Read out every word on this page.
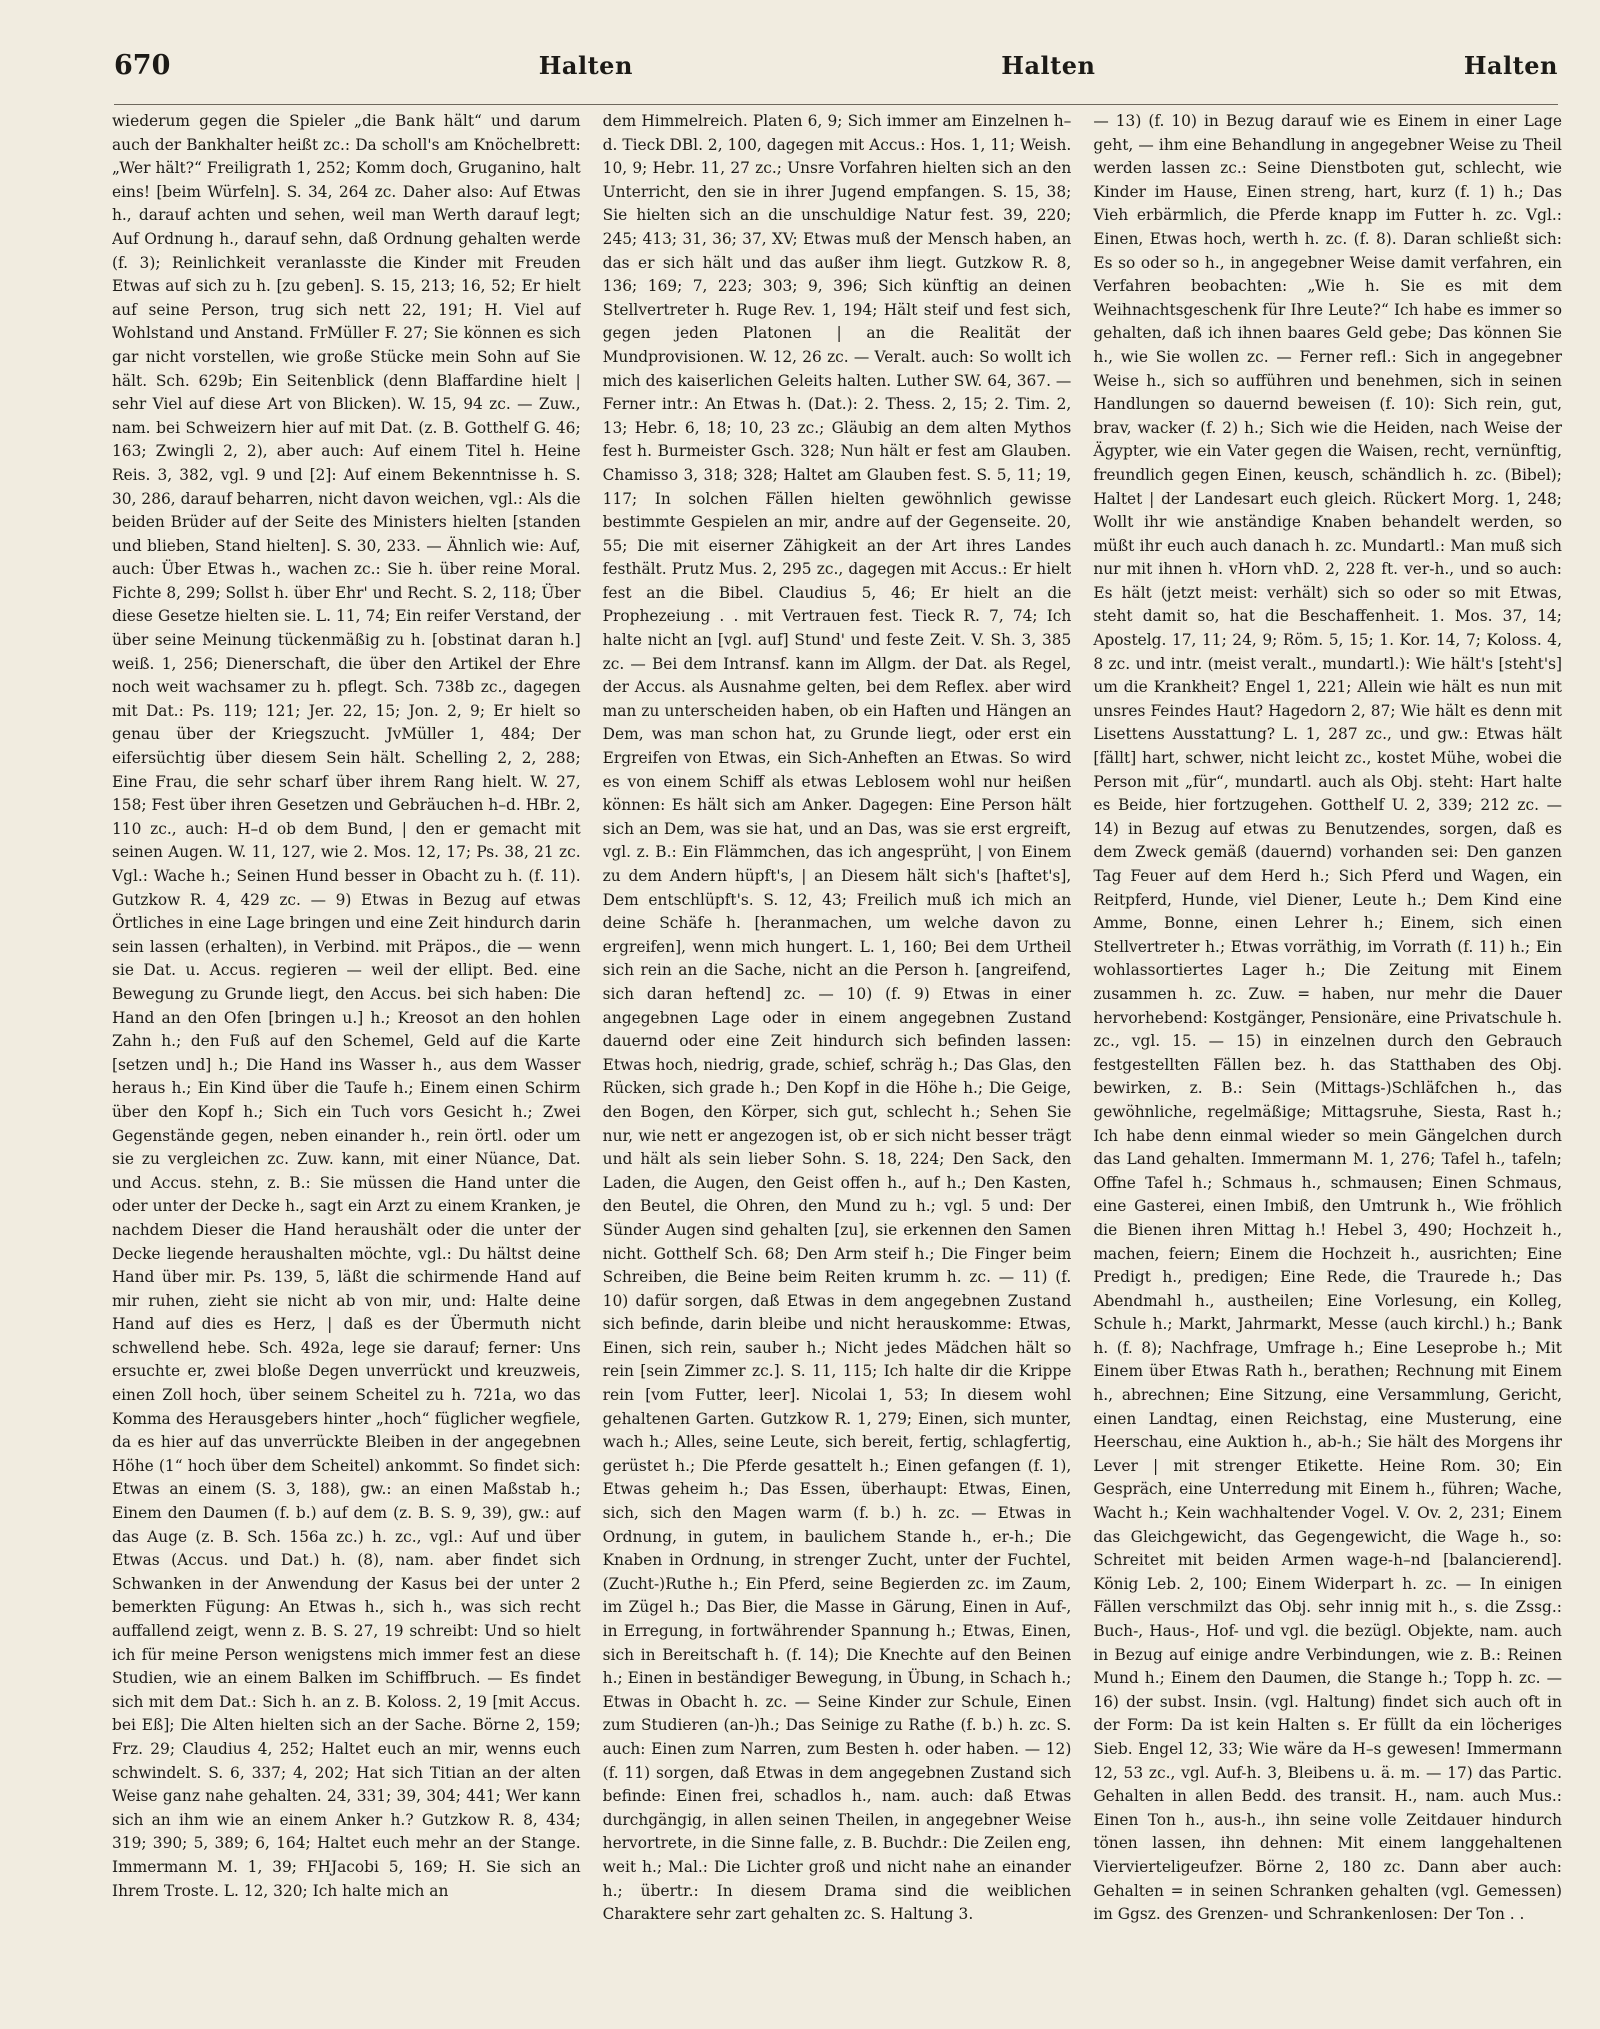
670	Halten	Halten	Halten

wiederum gegen die Spieler „die Bank hält“ und darum auch der Bankhalter heißt zc.: Da scholl's am Knöchelbrett: „Wer hält?“ Freiligrath 1, 252; Komm doch, Gruganino, halt eins! [beim Würfeln]. S. 34, 264 zc. Daher also: Auf Etwas h., darauf achten und sehen, weil man Werth darauf legt; Auf Ordnung h., darauf sehn, daß Ordnung gehalten werde (f. 3); Reinlichkeit veranlasste die Kinder mit Freuden Etwas auf sich zu h. [zu geben]. S. 15, 213; 16, 52; Er hielt auf seine Person, trug sich nett 22, 191; H. Viel auf Wohlstand und Anstand. FrMüller F. 27; Sie können es sich gar nicht vorstellen, wie große Stücke mein Sohn auf Sie hält. Sch. 629b; Ein Seitenblick (denn Blaffardine hielt | sehr Viel auf diese Art von Blicken). W. 15, 94 zc. — Zuw., nam. bei Schweizern hier auf mit Dat. (z. B. Gotthelf G. 46; 163; Zwingli 2, 2), aber auch: Auf einem Titel h. Heine Reis. 3, 382, vgl. 9 und [2]: Auf einem Bekenntnisse h. S. 30, 286, darauf beharren, nicht davon weichen, vgl.: Als die beiden Brüder auf der Seite des Ministers hielten [standen und blieben, Stand hielten]. S. 30, 233. — Ähnlich wie: Auf, auch: Über Etwas h., wachen zc.: Sie h. über reine Moral. Fichte 8, 299; Sollst h. über Ehr' und Recht. S. 2, 118; Über diese Gesetze hielten sie. L. 11, 74; Ein reifer Verstand, der über seine Meinung tückenmäßig zu h. [obstinat daran h.] weiß. 1, 256; Dienerschaft, die über den Artikel der Ehre noch weit wachsamer zu h. pflegt. Sch. 738b zc., dagegen mit Dat.: Ps. 119; 121; Jer. 22, 15; Jon. 2, 9; Er hielt so genau über der Kriegszucht. JvMüller 1, 484; Der eifersüchtig über diesem Sein hält. Schelling 2, 2, 288; Eine Frau, die sehr scharf über ihrem Rang hielt. W. 27, 158; Fest über ihren Gesetzen und Gebräuchen h–d. HBr. 2, 110 zc., auch: H–d ob dem Bund, | den er gemacht mit seinen Augen. W. 11, 127, wie 2. Mos. 12, 17; Ps. 38, 21 zc. Vgl.: Wache h.; Seinen Hund besser in Obacht zu h. (f. 11). Gutzkow R. 4, 429 zc. — 9) Etwas in Bezug auf etwas Örtliches in eine Lage bringen und eine Zeit hindurch darin sein lassen (erhalten), in Verbind. mit Präpos., die — wenn sie Dat. u. Accus. regieren — weil der ellipt. Bed. eine Bewegung zu Grunde liegt, den Accus. bei sich haben: Die Hand an den Ofen [bringen u.] h.; Kreosot an den hohlen Zahn h.; den Fuß auf den Schemel, Geld auf die Karte [setzen und] h.; Die Hand ins Wasser h., aus dem Wasser heraus h.; Ein Kind über die Taufe h.; Einem einen Schirm über den Kopf h.; Sich ein Tuch vors Gesicht h.; Zwei Gegenstände gegen, neben einander h., rein örtl. oder um sie zu vergleichen zc. Zuw. kann, mit einer Nüance, Dat. und Accus. stehn, z. B.: Sie müssen die Hand unter die oder unter der Decke h., sagt ein Arzt zu einem Kranken, je nachdem Dieser die Hand heraushält oder die unter der Decke liegende heraushalten möchte, vgl.: Du hältst deine Hand über mir. Ps. 139, 5, läßt die schirmende Hand auf mir ruhen, zieht sie nicht ab von mir, und: Halte deine Hand auf dies es Herz, | daß es der Übermuth nicht schwellend hebe. Sch. 492a, lege sie darauf; ferner: Uns ersuchte er, zwei bloße Degen unverrückt und kreuzweis, einen Zoll hoch, über seinem Scheitel zu h. 721a, wo das Komma des Herausgebers hinter „hoch“ füglicher wegfiele, da es hier auf das unverrückte Bleiben in der angegebnen Höhe (1“ hoch über dem Scheitel) ankommt. So findet sich: Etwas an einem (S. 3, 188), gw.: an einen Maßstab h.; Einem den Daumen (f. b.) auf dem (z. B. S. 9, 39), gw.: auf das Auge (z. B. Sch. 156a zc.) h. zc., vgl.: Auf und über Etwas (Accus. und Dat.) h. (8), nam. aber findet sich Schwanken in der Anwendung der Kasus bei der unter 2 bemerkten Fügung: An Etwas h., sich h., was sich recht auffallend zeigt, wenn z. B. S. 27, 19 schreibt: Und so hielt ich für meine Person wenigstens mich immer fest an diese Studien, wie an einem Balken im Schiffbruch. — Es findet sich mit dem Dat.: Sich h. an z. B. Koloss. 2, 19 [mit Accus. bei Eß]; Die Alten hielten sich an der Sache. Börne 2, 159; Frz. 29; Claudius 4, 252; Haltet euch an mir, wenns euch schwindelt. S. 6, 337; 4, 202; Hat sich Titian an der alten Weise ganz nahe gehalten. 24, 331; 39, 304; 441; Wer kann sich an ihm wie an einem Anker h.? Gutzkow R. 8, 434; 319; 390; 5, 389; 6, 164; Haltet euch mehr an der Stange. Immermann M. 1, 39; FHJacobi 5, 169; H. Sie sich an Ihrem Troste. L. 12, 320; Ich halte mich an

dem Himmelreich. Platen 6, 9; Sich immer am Einzelnen h–d. Tieck DBl. 2, 100, dagegen mit Accus.: Hos. 1, 11; Weish. 10, 9; Hebr. 11, 27 zc.; Unsre Vorfahren hielten sich an den Unterricht, den sie in ihrer Jugend empfangen. S. 15, 38; Sie hielten sich an die unschuldige Natur fest. 39, 220; 245; 413; 31, 36; 37, XV; Etwas muß der Mensch haben, an das er sich hält und das außer ihm liegt. Gutzkow R. 8, 136; 169; 7, 223; 303; 9, 396; Sich künftig an deinen Stellvertreter h. Ruge Rev. 1, 194; Hält steif und fest sich, gegen jeden Platonen | an die Realität der Mundprovisionen. W. 12, 26 zc. — Veralt. auch: So wollt ich mich des kaiserlichen Geleits halten. Luther SW. 64, 367. — Ferner intr.: An Etwas h. (Dat.): 2. Thess. 2, 15; 2. Tim. 2, 13; Hebr. 6, 18; 10, 23 zc.; Gläubig an dem alten Mythos fest h. Burmeister Gsch. 328; Nun hält er fest am Glauben. Chamisso 3, 318; 328; Haltet am Glauben fest. S. 5, 11; 19, 117; In solchen Fällen hielten gewöhnlich gewisse bestimmte Gespielen an mir, andre auf der Gegenseite. 20, 55; Die mit eiserner Zähigkeit an der Art ihres Landes festhält. Prutz Mus. 2, 295 zc., dagegen mit Accus.: Er hielt fest an die Bibel. Claudius 5, 46; Er hielt an die Prophezeiung . . mit Vertrauen fest. Tieck R. 7, 74; Ich halte nicht an [vgl. auf] Stund' und feste Zeit. V. Sh. 3, 385 zc. — Bei dem Intransf. kann im Allgm. der Dat. als Regel, der Accus. als Ausnahme gelten, bei dem Reflex. aber wird man zu unterscheiden haben, ob ein Haften und Hängen an Dem, was man schon hat, zu Grunde liegt, oder erst ein Ergreifen von Etwas, ein Sich-Anheften an Etwas. So wird es von einem Schiff als etwas Leblosem wohl nur heißen können: Es hält sich am Anker. Dagegen: Eine Person hält sich an Dem, was sie hat, und an Das, was sie erst ergreift, vgl. z. B.: Ein Flämmchen, das ich angesprüht, | von Einem zu dem Andern hüpft's, | an Diesem hält sich's [haftet's], Dem entschlüpft's. S. 12, 43; Freilich muß ich mich an deine Schäfe h. [heranmachen, um welche davon zu ergreifen], wenn mich hungert. L. 1, 160; Bei dem Urtheil sich rein an die Sache, nicht an die Person h. [angreifend, sich daran heftend] zc. — 10) (f. 9) Etwas in einer angegebnen Lage oder in einem angegebnen Zustand dauernd oder eine Zeit hindurch sich befinden lassen: Etwas hoch, niedrig, grade, schief, schräg h.; Das Glas, den Rücken, sich grade h.; Den Kopf in die Höhe h.; Die Geige, den Bogen, den Körper, sich gut, schlecht h.; Sehen Sie nur, wie nett er angezogen ist, ob er sich nicht besser trägt und hält als sein lieber Sohn. S. 18, 224; Den Sack, den Laden, die Augen, den Geist offen h., auf h.; Den Kasten, den Beutel, die Ohren, den Mund zu h.; vgl. 5 und: Der Sünder Augen sind gehalten [zu], sie erkennen den Samen nicht. Gotthelf Sch. 68; Den Arm steif h.; Die Finger beim Schreiben, die Beine beim Reiten krumm h. zc. — 11) (f. 10) dafür sorgen, daß Etwas in dem angegebnen Zustand sich befinde, darin bleibe und nicht herauskomme: Etwas, Einen, sich rein, sauber h.; Nicht jedes Mädchen hält so rein [sein Zimmer zc.]. S. 11, 115; Ich halte dir die Krippe rein [vom Futter, leer]. Nicolai 1, 53; In diesem wohl gehaltenen Garten. Gutzkow R. 1, 279; Einen, sich munter, wach h.; Alles, seine Leute, sich bereit, fertig, schlagfertig, gerüstet h.; Die Pferde gesattelt h.; Einen gefangen (f. 1), Etwas geheim h.; Das Essen, überhaupt: Etwas, Einen, sich, sich den Magen warm (f. b.) h. zc. — Etwas in Ordnung, in gutem, in baulichem Stande h., er-h.; Die Knaben in Ordnung, in strenger Zucht, unter der Fuchtel, (Zucht-)Ruthe h.; Ein Pferd, seine Begierden zc. im Zaum, im Zügel h.; Das Bier, die Masse in Gärung, Einen in Auf-, in Erregung, in fortwährender Spannung h.; Etwas, Einen, sich in Bereitschaft h. (f. 14); Die Knechte auf den Beinen h.; Einen in beständiger Bewegung, in Übung, in Schach h.; Etwas in Obacht h. zc. — Seine Kinder zur Schule, Einen zum Studieren (an-)h.; Das Seinige zu Rathe (f. b.) h. zc. S. auch: Einen zum Narren, zum Besten h. oder haben. — 12) (f. 11) sorgen, daß Etwas in dem angegebnen Zustand sich befinde: Einen frei, schadlos h., nam. auch: daß Etwas durchgängig, in allen seinen Theilen, in angegebner Weise hervortrete, in die Sinne falle, z. B. Buchdr.: Die Zeilen eng, weit h.; Mal.: Die Lichter groß und nicht nahe an einander h.; übertr.: In diesem Drama sind die weiblichen Charaktere sehr zart gehalten zc. S. Haltung 3.

— 13) (f. 10) in Bezug darauf wie es Einem in einer Lage geht, — ihm eine Behandlung in angegebner Weise zu Theil werden lassen zc.: Seine Dienstboten gut, schlecht, wie Kinder im Hause, Einen streng, hart, kurz (f. 1) h.; Das Vieh erbärmlich, die Pferde knapp im Futter h. zc. Vgl.: Einen, Etwas hoch, werth h. zc. (f. 8). Daran schließt sich: Es so oder so h., in angegebner Weise damit verfahren, ein Verfahren beobachten: „Wie h. Sie es mit dem Weihnachtsgeschenk für Ihre Leute?“ Ich habe es immer so gehalten, daß ich ihnen baares Geld gebe; Das können Sie h., wie Sie wollen zc. — Ferner refl.: Sich in angegebner Weise h., sich so aufführen und benehmen, sich in seinen Handlungen so dauernd beweisen (f. 10): Sich rein, gut, brav, wacker (f. 2) h.; Sich wie die Heiden, nach Weise der Ägypter, wie ein Vater gegen die Waisen, recht, vernünftig, freundlich gegen Einen, keusch, schändlich h. zc. (Bibel); Haltet | der Landesart euch gleich. Rückert Morg. 1, 248; Wollt ihr wie anständige Knaben behandelt werden, so müßt ihr euch auch danach h. zc. Mundartl.: Man muß sich nur mit ihnen h. vHorn vhD. 2, 228 ft. ver-h., und so auch: Es hält (jetzt meist: verhält) sich so oder so mit Etwas, steht damit so, hat die Beschaffenheit. 1. Mos. 37, 14; Apostelg. 17, 11; 24, 9; Röm. 5, 15; 1. Kor. 14, 7; Koloss. 4, 8 zc. und intr. (meist veralt., mundartl.): Wie hält's [steht's] um die Krankheit? Engel 1, 221; Allein wie hält es nun mit unsres Feindes Haut? Hagedorn 2, 87; Wie hält es denn mit Lisettens Ausstattung? L. 1, 287 zc., und gw.: Etwas hält [fällt] hart, schwer, nicht leicht zc., kostet Mühe, wobei die Person mit „für“, mundartl. auch als Obj. steht: Hart halte es Beide, hier fortzugehen. Gotthelf U. 2, 339; 212 zc. — 14) in Bezug auf etwas zu Benutzendes, sorgen, daß es dem Zweck gemäß (dauernd) vorhanden sei: Den ganzen Tag Feuer auf dem Herd h.; Sich Pferd und Wagen, ein Reitpferd, Hunde, viel Diener, Leute h.; Dem Kind eine Amme, Bonne, einen Lehrer h.; Einem, sich einen Stellvertreter h.; Etwas vorräthig, im Vorrath (f. 11) h.; Ein wohlassortiertes Lager h.; Die Zeitung mit Einem zusammen h. zc. Zuw. = haben, nur mehr die Dauer hervorhebend: Kostgänger, Pensionäre, eine Privatschule h. zc., vgl. 15. — 15) in einzelnen durch den Gebrauch festgestellten Fällen bez. h. das Statthaben des Obj. bewirken, z. B.: Sein (Mittags-)Schläfchen h., das gewöhnliche, regelmäßige; Mittagsruhe, Siesta, Rast h.; Ich habe denn einmal wieder so mein Gängelchen durch das Land gehalten. Immermann M. 1, 276; Tafel h., tafeln; Offne Tafel h.; Schmaus h., schmausen; Einen Schmaus, eine Gasterei, einen Imbiß, den Umtrunk h., Wie fröhlich die Bienen ihren Mittag h.! Hebel 3, 490; Hochzeit h., machen, feiern; Einem die Hochzeit h., ausrichten; Eine Predigt h., predigen; Eine Rede, die Traurede h.; Das Abendmahl h., austheilen; Eine Vorlesung, ein Kolleg, Schule h.; Markt, Jahrmarkt, Messe (auch kirchl.) h.; Bank h. (f. 8); Nachfrage, Umfrage h.; Eine Leseprobe h.; Mit Einem über Etwas Rath h., berathen; Rechnung mit Einem h., abrechnen; Eine Sitzung, eine Versammlung, Gericht, einen Landtag, einen Reichstag, eine Musterung, eine Heerschau, eine Auktion h., ab-h.; Sie hält des Morgens ihr Lever | mit strenger Etikette. Heine Rom. 30; Ein Gespräch, eine Unterredung mit Einem h., führen; Wache, Wacht h.; Kein wachhaltender Vogel. V. Ov. 2, 231; Einem das Gleichgewicht, das Gegengewicht, die Wage h., so: Schreitet mit beiden Armen wage-h–nd [balancierend]. König Leb. 2, 100; Einem Widerpart h. zc. — In einigen Fällen verschmilzt das Obj. sehr innig mit h., s. die Zssg.: Buch-, Haus-, Hof- und vgl. die bezügl. Objekte, nam. auch in Bezug auf einige andre Verbindungen, wie z. B.: Reinen Mund h.; Einem den Daumen, die Stange h.; Topp h. zc. — 16) der subst. Insin. (vgl. Haltung) findet sich auch oft in der Form: Da ist kein Halten s. Er füllt da ein löcheriges Sieb. Engel 12, 33; Wie wäre da H–s gewesen! Immermann 12, 53 zc., vgl. Auf-h. 3, Bleibens u. ä. m. — 17) das Partic. Gehalten in allen Bedd. des transit. H., nam. auch Mus.: Einen Ton h., aus-h., ihn seine volle Zeitdauer hindurch tönen lassen, ihn dehnen: Mit einem langgehaltenen Viervierteligeufzer. Börne 2, 180 zc. Dann aber auch: Gehalten = in seinen Schranken gehalten (vgl. Gemessen) im Ggsz. des Grenzen- und Schrankenlosen: Der Ton . .
